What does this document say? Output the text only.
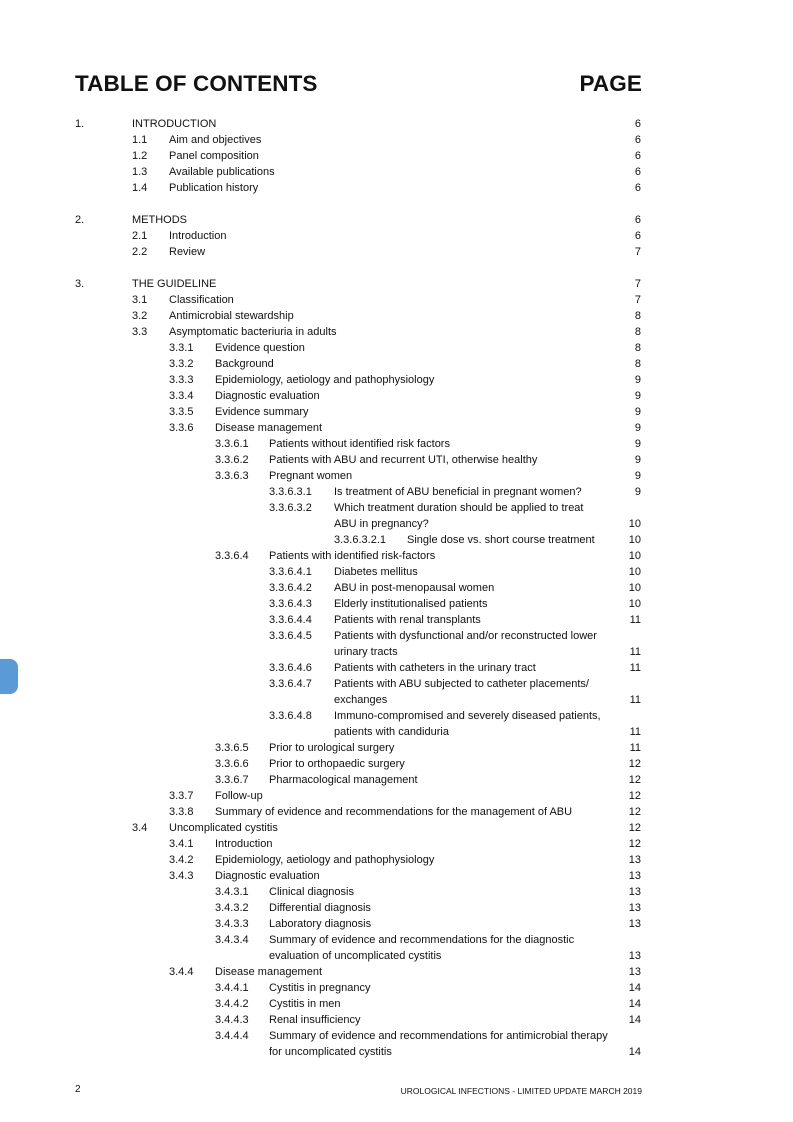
TABLE OF CONTENTS	PAGE
1.	INTRODUCTION	6
1.1 Aim and objectives	6
1.2 Panel composition	6
1.3 Available publications	6
1.4 Publication history	6
2.	METHODS	6
2.1 Introduction	6
2.2 Review	7
3.	THE GUIDELINE	7
3.1 Classification	7
3.2 Antimicrobial stewardship	8
3.3 Asymptomatic bacteriuria in adults	8
3.3.1 Evidence question	8
3.3.2 Background	8
3.3.3 Epidemiology, aetiology and pathophysiology	9
3.3.4 Diagnostic evaluation	9
3.3.5 Evidence summary	9
3.3.6 Disease management	9
3.3.6.1 Patients without identified risk factors	9
3.3.6.2 Patients with ABU and recurrent UTI, otherwise healthy	9
3.3.6.3 Pregnant women	9
3.3.6.3.1 Is treatment of ABU beneficial in pregnant women?	9
3.3.6.3.2 Which treatment duration should be applied to treat
ABU in pregnancy?	10
3.3.6.3.2.1 Single dose vs. short course treatment	10
3.3.6.4 Patients with identified risk-factors	10
3.3.6.4.1 Diabetes mellitus	10
3.3.6.4.2 ABU in post-menopausal women	10
3.3.6.4.3 Elderly institutionalised patients	10
3.3.6.4.4 Patients with renal transplants	11
3.3.6.4.5 Patients with dysfunctional and/or reconstructed lower
urinary tracts	11
3.3.6.4.6 Patients with catheters in the urinary tract	11
3.3.6.4.7 Patients with ABU subjected to catheter placements/
exchanges	11
3.3.6.4.8 Immuno-compromised and severely diseased patients,
patients with candiduria	11
3.3.6.5 Prior to urological surgery	11
3.3.6.6 Prior to orthopaedic surgery	12
3.3.6.7 Pharmacological management	12
3.3.7 Follow-up	12
3.3.8 Summary of evidence and recommendations for the management of ABU	12
3.4 Uncomplicated cystitis	12
3.4.1 Introduction	12
3.4.2 Epidemiology, aetiology and pathophysiology	13
3.4.3 Diagnostic evaluation	13
3.4.3.1 Clinical diagnosis	13
3.4.3.2 Differential diagnosis	13
3.4.3.3 Laboratory diagnosis	13
3.4.3.4 Summary of evidence and recommendations for the diagnostic
evaluation of uncomplicated cystitis	13
3.4.4 Disease management	13
3.4.4.1 Cystitis in pregnancy	14
3.4.4.2 Cystitis in men	14
3.4.4.3 Renal insufficiency	14
3.4.4.4 Summary of evidence and recommendations for antimicrobial therapy
for uncomplicated cystitis	14
2	UROLOGICAL INFECTIONS - LIMITED UPDATE MARCH 2019
